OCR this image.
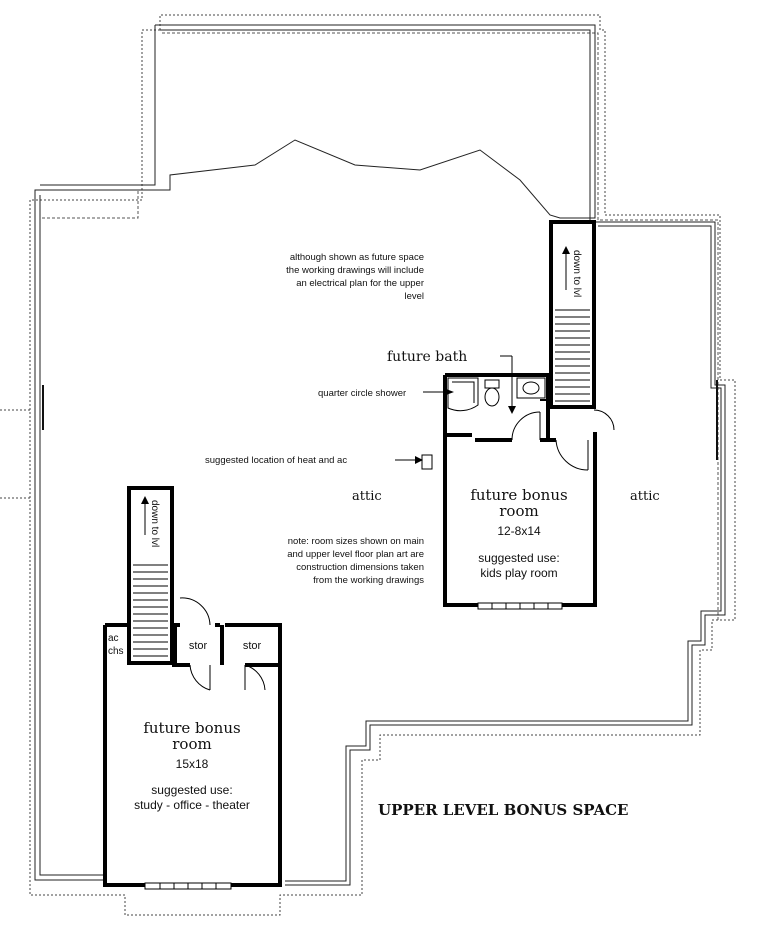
down to lvl
down to lvl
although shown as future space
the working drawings will include
an electrical plan for the upper
level
future bath
quarter circle shower
suggested location of heat and ac
attic	attic
future bonus
room
12-8x14
suggested use:
kids play room
note: room sizes shown on main
and upper level floor plan art are
construction dimensions taken
from the working drawings
stor	stor
ac
chs
future bonus
room
15x18
suggested use:
study - office - theater	UPPER LEVEL BONUS SPACE
